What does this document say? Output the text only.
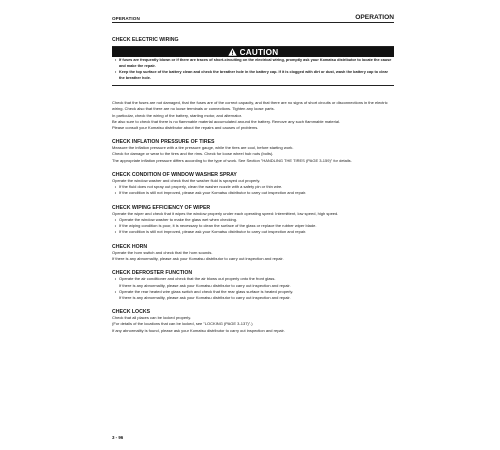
OPERATION	OPERATION

CHECK ELECTRIC WIRING

CAUTION
• If fuses are frequently blown or if there are traces of short-circuiting on the electrical wiring, promptly ask your Komatsu distributor to locate the cause and make the repair.
• Keep the top surface of the battery clean and check the breather hole in the battery cap. If it is clogged with dirt or dust, wash the battery cap to clear the breather hole.

Check that the fuses are not damaged, that the fuses are of the correct capacity, and that there are no signs of short circuits or disconnections in the electric wiring. Check also that there are no loose terminals or connections. Tighten any loose parts.

In particular, check the wiring of the battery, starting motor, and alternator.

Be also sure to check that there is no flammable material accumulated around the battery. Remove any such flammable material.

Please consult your Komatsu distributor about the repairs and causes of problems.

CHECK INFLATION PRESSURE OF TIRES

Measure the inflation pressure with a tire pressure gauge, while the tires are cool, before starting work.

Check for damage or wear to the tires and the rims. Check for loose wheel hub nuts (bolts).

The appropriate inflation pressure differs according to the type of work. See Section "HANDLING THE TIRES (PAGE 3-159)" for details.

CHECK CONDITION OF WINDOW WASHER SPRAY

Operate the window washer and check that the washer fluid is sprayed out properly.

• If the fluid does not spray out properly, clean the washer nozzle with a safety pin or thin wire.
• If the condition is still not improved, please ask your Komatsu distributor to carry out inspection and repair.

CHECK WIPING EFFICIENCY OF WIPER

Operate the wiper and check that it wipes the window properly under each operating speed: Intermittent, low speed, high speed.

• Operate the window washer to make the glass wet when checking.
• If the wiping condition is poor, it is necessary to clean the surface of the glass or replace the rubber wiper blade.
• If the condition is still not improved, please ask your Komatsu distributor to carry out inspection and repair.

CHECK HORN

Operate the horn switch and check that the horn sounds.

If there is any abnormality, please ask your Komatsu distributor to carry out inspection and repair.

CHECK DEFROSTER FUNCTION

• Operate the air conditioner and check that the air blows out properly onto the front glass.
If there is any abnormality, please ask your Komatsu distributor to carry out inspection and repair.
• Operate the rear heated wire glass switch and check that the rear glass surface is heated properly.
If there is any abnormality, please ask your Komatsu distributor to carry out inspection and repair.

CHECK LOCKS

Check that all places can be locked properly.

(For details of the locations that can be locked, see "LOCKING (PAGE 3-137)".)

If any abnormality is found, please ask your Komatsu distributor to carry out inspection and repair.

3 - 96
